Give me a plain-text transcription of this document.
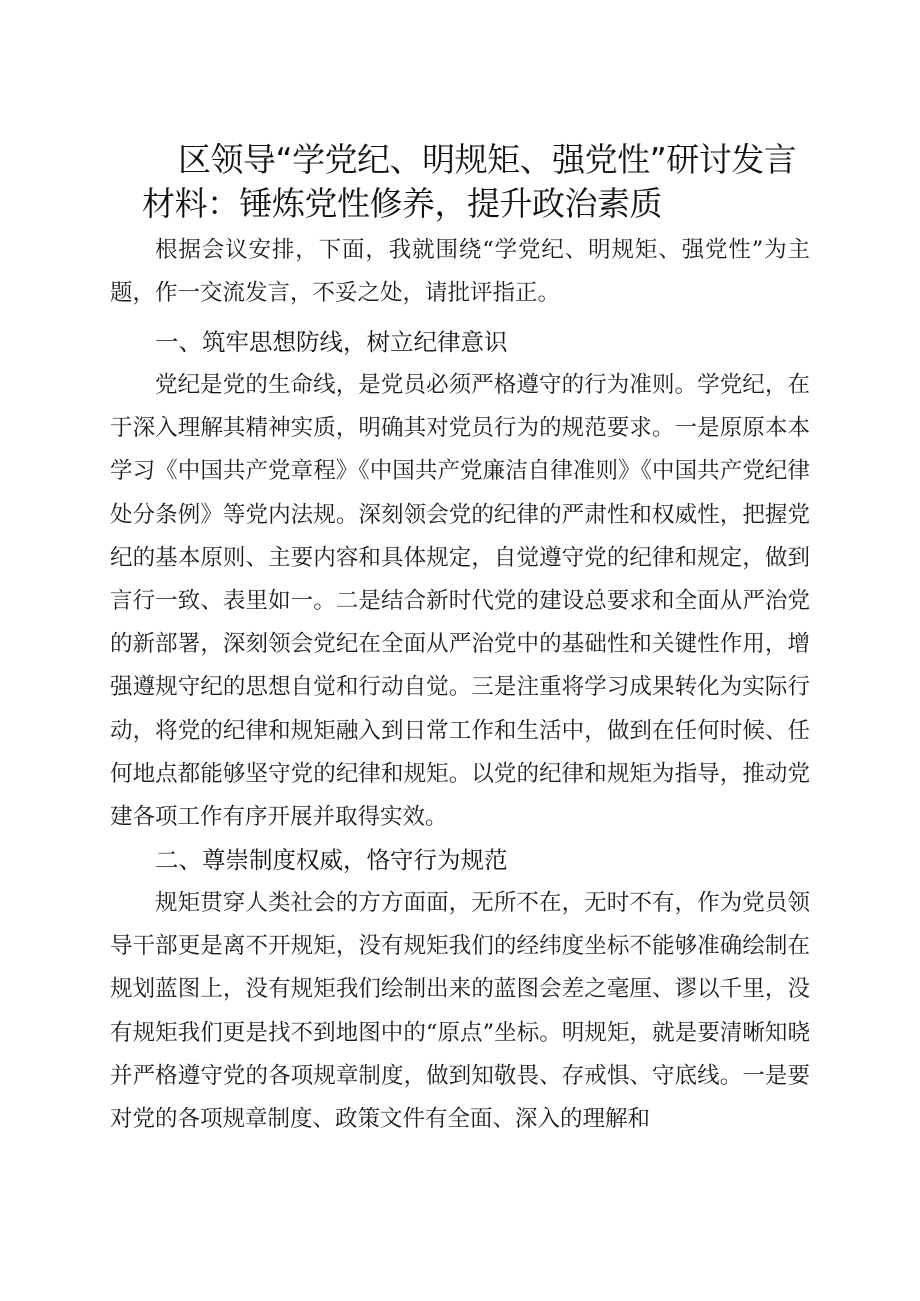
区领导“学党纪、明规矩、强党性”研讨发言
材料：锤炼党性修养，提升政治素质

根据会议安排，下面，我就围绕“学党纪、明规矩、强党性”为主题，作一交流发言，不妥之处，请批评指正。

一、筑牢思想防线，树立纪律意识

党纪是党的生命线，是党员必须严格遵守的行为准则。学党纪，在于深入理解其精神实质，明确其对党员行为的规范要求。一是原原本本学习《中国共产党章程》《中国共产党廉洁自律准则》《中国共产党纪律处分条例》等党内法规。深刻领会党的纪律的严肃性和权威性，把握党纪的基本原则、主要内容和具体规定，自觉遵守党的纪律和规定，做到言行一致、表里如一。二是结合新时代党的建设总要求和全面从严治党的新部署，深刻领会党纪在全面从严治党中的基础性和关键性作用，增强遵规守纪的思想自觉和行动自觉。三是注重将学习成果转化为实际行动，将党的纪律和规矩融入到日常工作和生活中，做到在任何时候、任何地点都能够坚守党的纪律和规矩。以党的纪律和规矩为指导，推动党建各项工作有序开展并取得实效。

二、尊崇制度权威，恪守行为规范

规矩贯穿人类社会的方方面面，无所不在，无时不有，作为党员领导干部更是离不开规矩，没有规矩我们的经纬度坐标不能够准确绘制在规划蓝图上，没有规矩我们绘制出来的蓝图会差之毫厘、谬以千里，没有规矩我们更是找不到地图中的“原点”坐标。明规矩，就是要清晰知晓并严格遵守党的各项规章制度，做到知敬畏、存戒惧、守底线。一是要对党的各项规章制度、政策文件有全面、深入的理解和
